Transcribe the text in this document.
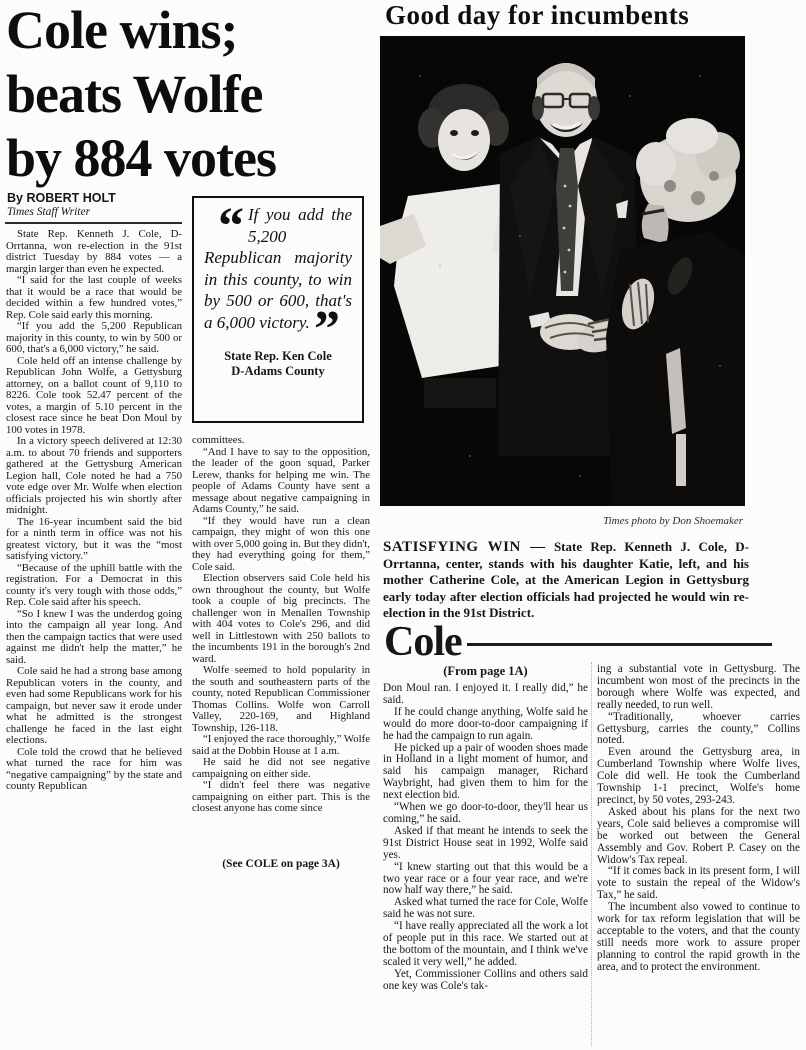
Cole wins;
beats Wolfe
by 884 votes
By ROBERT HOLT
Times Staff Writer

State Rep. Kenneth J. Cole, D-Orrtanna, won re-election in the 91st district Tuesday by 884 votes — a margin larger than even he expected.

“I said for the last couple of weeks that it would be a race that would be decided within a few hundred votes,” Rep. Cole said early this morning.

“If you add the 5,200 Republican majority in this county, to win by 500 or 600, that's a 6,000 victory,” he said.

Cole held off an intense challenge by Republican John Wolfe, a Gettysburg attorney, on a ballot count of 9,110 to 8226. Cole took 52.47 percent of the votes, a margin of 5.10 percent in the closest race since he beat Don Moul by 100 votes in 1978.

In a victory speech delivered at 12:30 a.m. to about 70 friends and supporters gathered at the Gettysburg American Legion hall, Cole noted he had a 750 vote edge over Mr. Wolfe when election officials projected his win shortly after midnight.

The 16-year incumbent said the bid for a ninth term in office was not his greatest victory, but it was the “most satisfying victory.”

“Because of the uphill battle with the registration. For a Democrat in this county it's very tough with those odds,” Rep. Cole said after his speech.

“So I knew I was the underdog going into the campaign all year long. And then the campaign tactics that were used against me didn't help the matter,” he said.

Cole said he had a strong base among Republican voters in the county, and even had some Republicans work for his campaign, but never saw it erode under what he admitted is the strongest challenge he faced in the last eight elections.

Cole told the crowd that he believed what turned the race for him was “negative campaigning” by the state and county Republican

“ If you add the 5,200 Republican majority in this county, to win by 500 or 600, that's a 6,000 victory. ”
State Rep. Ken Cole
D-Adams County

committees.

“And I have to say to the opposition, the leader of the goon squad, Parker Lerew, thanks for helping me win. The people of Adams County have sent a message about negative campaigning in Adams County,” he said.

“If they would have run a clean campaign, they might of won this one with over 5,000 going in. But they didn't, they had everything going for them,” Cole said.

Election observers said Cole held his own throughout the county, but Wolfe took a couple of big precincts. The challenger won in Menallen Township with 404 votes to Cole's 296, and did well in Littlestown with 250 ballots to the incumbents 191 in the borough's 2nd ward.

Wolfe seemed to hold popularity in the south and southeastern parts of the county, noted Republican Commissioner Thomas Collins. Wolfe won Carroll Valley, 220-169, and Highland Township, 126-118.

“I enjoyed the race thoroughly,” Wolfe said at the Dobbin House at 1 a.m.

He said he did not see negative campaigning on either side.

“I didn't feel there was negative campaigning on either part. This is the closest anyone has come since

(See COLE on page 3A)
Good day for incumbents
Times photo by Don Shoemaker
SATISFYING WIN — State Rep. Kenneth J. Cole, D-Orrtanna, center, stands with his daughter Katie, left, and his mother Catherine Cole, at the American Legion in Gettysburg early today after election officials had projected he would win re-election in the 91st District.
Cole
(From page 1A)

Don Moul ran. I enjoyed it. I really did,” he said.

If he could change anything, Wolfe said he would do more door-to-door campaigning if he had the campaign to run again.

He picked up a pair of wooden shoes made in Holland in a light moment of humor, and said his campaign manager, Richard Waybright, had given them to him for the next election bid.

“When we go door-to-door, they'll hear us coming,” he said.

Asked if that meant he intends to seek the 91st District House seat in 1992, Wolfe said yes.

“I knew starting out that this would be a two year race or a four year race, and we're now half way there,” he said.

Asked what turned the race for Cole, Wolfe said he was not sure.

“I have really appreciated all the work a lot of people put in this race. We started out at the bottom of the mountain, and I think we've scaled it very well,” he added.

Yet, Commissioner Collins and others said one key was Cole's tak-

ing a substantial vote in Gettysburg. The incumbent won most of the precincts in the borough where Wolfe was expected, and really needed, to run well.

“Traditionally, whoever carries Gettysburg, carries the county,” Collins noted.

Even around the Gettysburg area, in Cumberland Township where Wolfe lives, Cole did well. He took the Cumberland Township 1-1 precinct, Wolfe's home precinct, by 50 votes, 293-243.

Asked about his plans for the next two years, Cole said believes a compromise will be worked out between the General Assembly and Gov. Robert P. Casey on the Widow's Tax repeal.

“If it comes back in its present form, I will vote to sustain the repeal of the Widow's Tax,” he said.

The incumbent also vowed to continue to work for tax reform legislation that will be acceptable to the voters, and that the county still needs more work to assure proper planning to control the rapid growth in the area, and to protect the environment.
